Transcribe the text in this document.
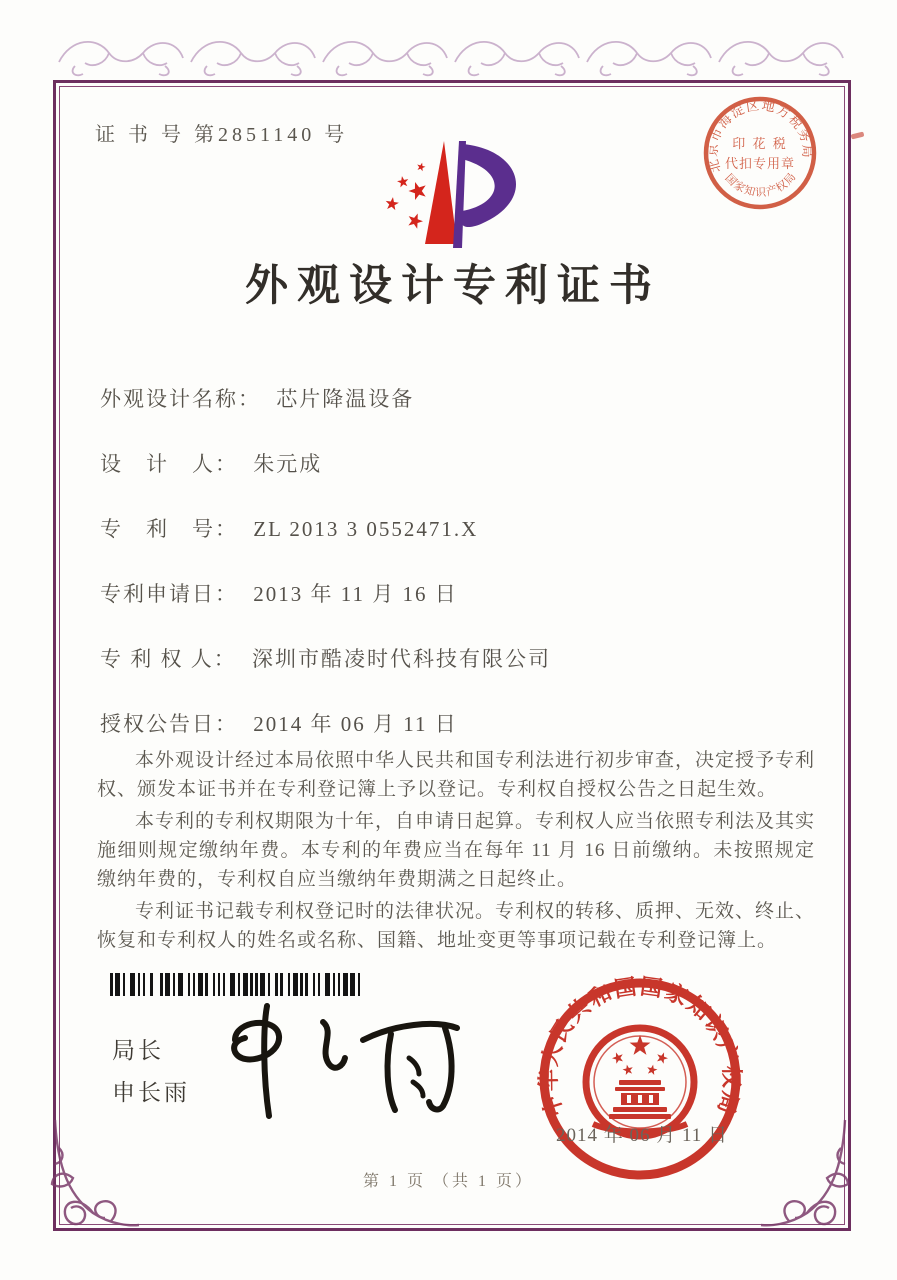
证 书 号 第2851140 号
外观设计专利证书
外观设计名称： 芯片降温设备
设　计　人： 朱元成
专　利　号： ZL 2013 3 0552471.X
专利申请日： 2013 年 11 月 16 日
专 利 权 人： 深圳市酷凌时代科技有限公司
授权公告日： 2014 年 06 月 11 日

本外观设计经过本局依照中华人民共和国专利法进行初步审查，决定授予专利权、颁发本证书并在专利登记簿上予以登记。专利权自授权公告之日起生效。

本专利的专利权期限为十年，自申请日起算。专利权人应当依照专利法及其实施细则规定缴纳年费。本专利的年费应当在每年 11 月 16 日前缴纳。未按照规定缴纳年费的，专利权自应当缴纳年费期满之日起终止。

专利证书记载专利权登记时的法律状况。专利权的转移、质押、无效、终止、恢复和专利权人的姓名或名称、国籍、地址变更等事项记载在专利登记簿上。

局长
申长雨	中华人民共和国国家知识产权局
2014 年 06 月 11 日
北京市海淀区地方税务局
国家知识产权局
印 花 税
代扣专用章
第 1 页 （共 1 页）
